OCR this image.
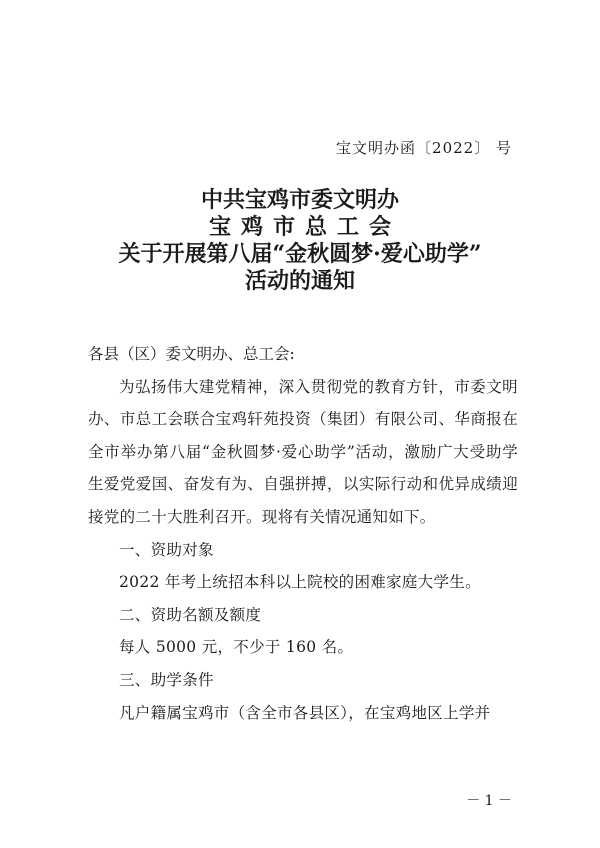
宝文明办函〔2022〕 号
中共宝鸡市委文明办
宝鸡市总工会
关于开展第八届“金秋圆梦·爱心助学”
活动的通知
各县（区）委文明办、总工会:
为弘扬伟大建党精神，深入贯彻党的教育方针，市委文明办、市总工会联合宝鸡轩苑投资（集团）有限公司、华商报在全市举办第八届“金秋圆梦·爱心助学”活动，激励广大受助学生爱党爱国、奋发有为、自强拼搏，以实际行动和优异成绩迎接党的二十大胜利召开。现将有关情况通知如下。
一、资助对象
2022 年考上统招本科以上院校的困难家庭大学生。
二、资助名额及额度
每人 5000 元，不少于 160 名。
三、助学条件
凡户籍属宝鸡市（含全市各县区），在宝鸡地区上学并
－ 1 －
